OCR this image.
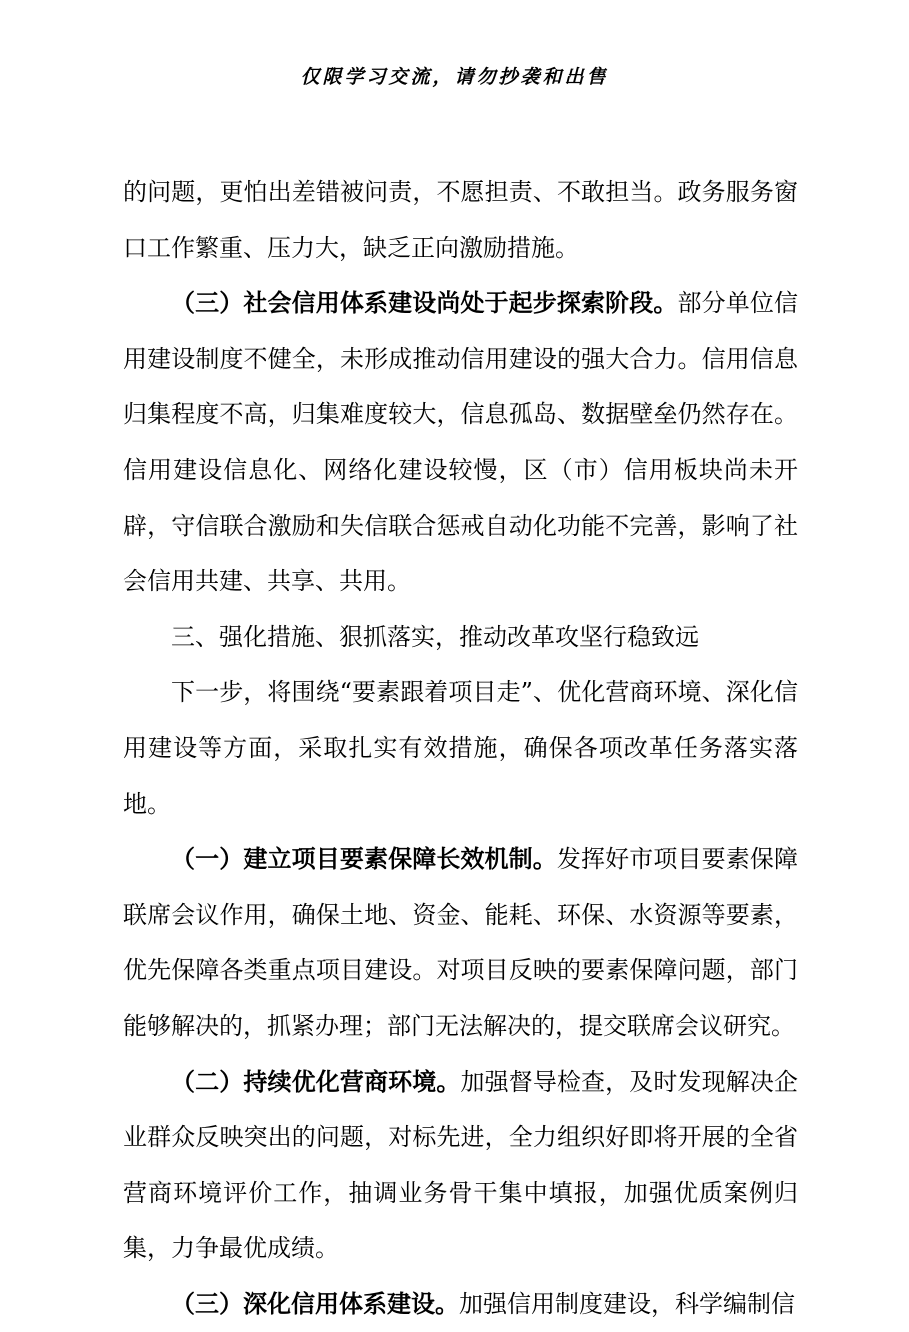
仅限学习交流，请勿抄袭和出售

的问题，更怕出差错被问责，不愿担责、不敢担当。政务服务窗口工作繁重、压力大，缺乏正向激励措施。

（三）社会信用体系建设尚处于起步探索阶段。部分单位信用建设制度不健全，未形成推动信用建设的强大合力。信用信息归集程度不高，归集难度较大，信息孤岛、数据壁垒仍然存在。信用建设信息化、网络化建设较慢，区（市）信用板块尚未开辟，守信联合激励和失信联合惩戒自动化功能不完善，影响了社会信用共建、共享、共用。

三、强化措施、狠抓落实，推动改革攻坚行稳致远

下一步，将围绕“要素跟着项目走”、优化营商环境、深化信用建设等方面，采取扎实有效措施，确保各项改革任务落实落地。

（一）建立项目要素保障长效机制。发挥好市项目要素保障联席会议作用，确保土地、资金、能耗、环保、水资源等要素，优先保障各类重点项目建设。对项目反映的要素保障问题，部门能够解决的，抓紧办理；部门无法解决的，提交联席会议研究。

（二）持续优化营商环境。加强督导检查，及时发现解决企业群众反映突出的问题，对标先进，全力组织好即将开展的全省营商环境评价工作，抽调业务骨干集中填报，加强优质案例归集，力争最优成绩。

（三）深化信用体系建设。加强信用制度建设，科学编制信
